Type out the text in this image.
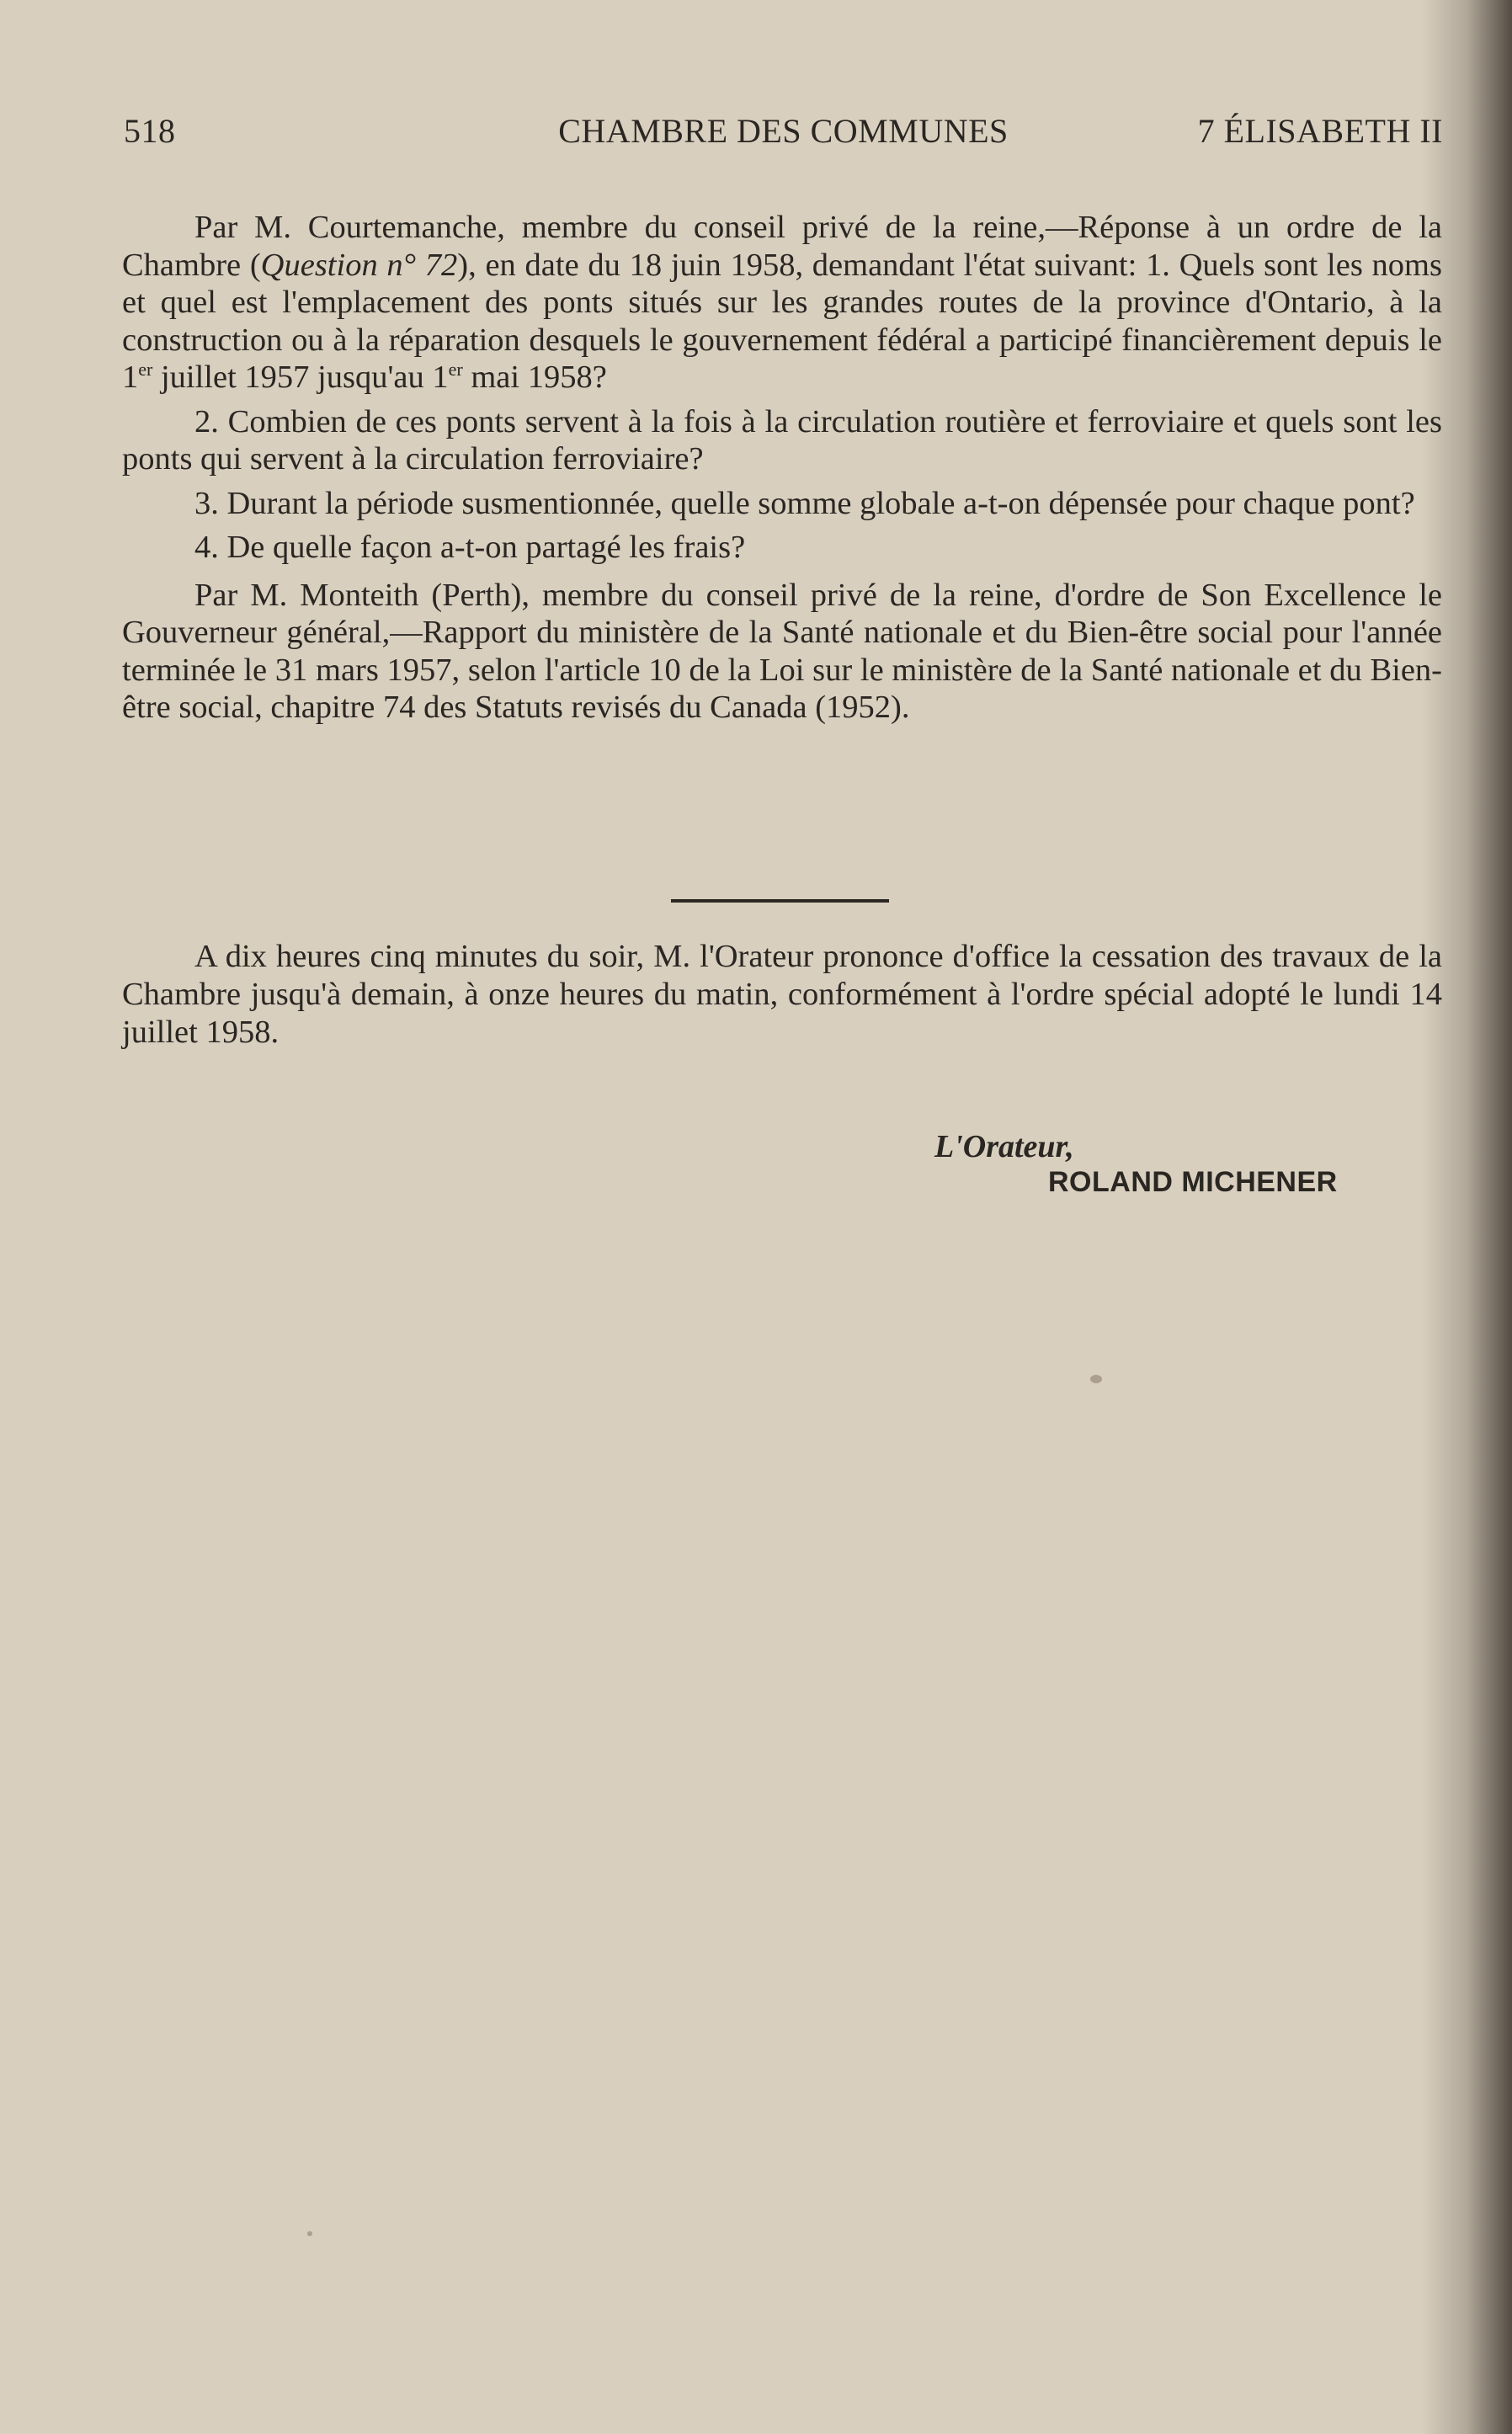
518	CHAMBRE DES COMMUNES	7 ÉLISABETH II

Par M. Courtemanche, membre du conseil privé de la reine,—Réponse à un ordre de la Chambre (Question n° 72), en date du 18 juin 1958, demandant l'état suivant: 1. Quels sont les noms et quel est l'emplacement des ponts situés sur les grandes routes de la province d'Ontario, à la construction ou à la réparation desquels le gouvernement fédéral a participé financièrement depuis le 1er juillet 1957 jusqu'au 1er mai 1958?

2. Combien de ces ponts servent à la fois à la circulation routière et ferroviaire et quels sont les ponts qui servent à la circulation ferroviaire?

3. Durant la période susmentionnée, quelle somme globale a-t-on dépensée pour chaque pont?

4. De quelle façon a-t-on partagé les frais?

Par M. Monteith (Perth), membre du conseil privé de la reine, d'ordre de Son Excellence le Gouverneur général,—Rapport du ministère de la Santé nationale et du Bien-être social pour l'année terminée le 31 mars 1957, selon l'article 10 de la Loi sur le ministère de la Santé nationale et du Bien-être social, chapitre 74 des Statuts revisés du Canada (1952).

A dix heures cinq minutes du soir, M. l'Orateur prononce d'office la cessation des travaux de la Chambre jusqu'à demain, à onze heures du matin, conformément à l'ordre spécial adopté le lundi 14 juillet 1958.

L'Orateur,
ROLAND MICHENER
